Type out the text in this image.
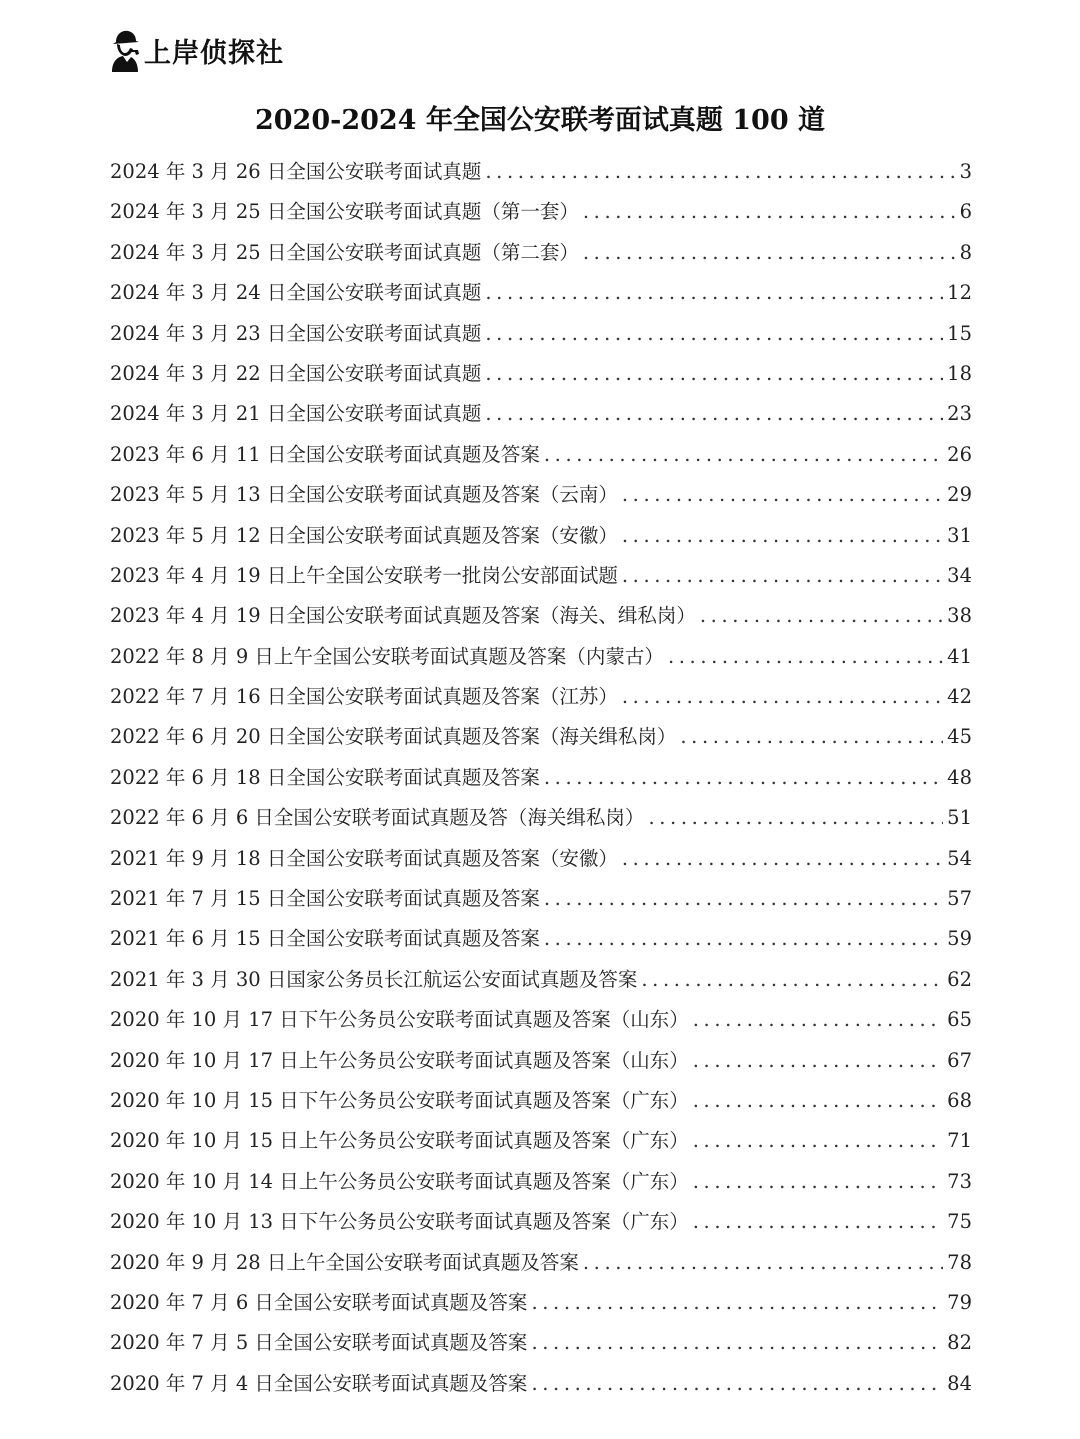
上岸侦探社
2020-2024 年全国公安联考面试真题 100 道
2024 年 3 月 26 日全国公安联考面试真题 .....	3
2024 年 3 月 25 日全国公安联考面试真题（第一套） .....	6
2024 年 3 月 25 日全国公安联考面试真题（第二套） .....	8
2024 年 3 月 24 日全国公安联考面试真题 .....	12
2024 年 3 月 23 日全国公安联考面试真题 .....	15
2024 年 3 月 22 日全国公安联考面试真题 .....	18
2024 年 3 月 21 日全国公安联考面试真题 .....	23
2023 年 6 月 11 日全国公安联考面试真题及答案 .....	26
2023 年 5 月 13 日全国公安联考面试真题及答案（云南） .....	29
2023 年 5 月 12 日全国公安联考面试真题及答案（安徽） .....	31
2023 年 4 月 19 日上午全国公安联考一批岗公安部面试题 .....	34
2023 年 4 月 19 日全国公安联考面试真题及答案（海关、缉私岗） .....	38
2022 年 8 月 9 日上午全国公安联考面试真题及答案（内蒙古） .....	41
2022 年 7 月 16 日全国公安联考面试真题及答案（江苏） .....	42
2022 年 6 月 20 日全国公安联考面试真题及答案（海关缉私岗） .....	45
2022 年 6 月 18 日全国公安联考面试真题及答案 .....	48
2022 年 6 月 6 日全国公安联考面试真题及答（海关缉私岗） .....	51
2021 年 9 月 18 日全国公安联考面试真题及答案（安徽） .....	54
2021 年 7 月 15 日全国公安联考面试真题及答案 .....	57
2021 年 6 月 15 日全国公安联考面试真题及答案 .....	59
2021 年 3 月 30 日国家公务员长江航运公安面试真题及答案 .....	62
2020 年 10 月 17 日下午公务员公安联考面试真题及答案（山东） .....	65
2020 年 10 月 17 日上午公务员公安联考面试真题及答案（山东） .....	67
2020 年 10 月 15 日下午公务员公安联考面试真题及答案（广东） .....	68
2020 年 10 月 15 日上午公务员公安联考面试真题及答案（广东） .....	71
2020 年 10 月 14 日上午公务员公安联考面试真题及答案（广东） .....	73
2020 年 10 月 13 日下午公务员公安联考面试真题及答案（广东） .....	75
2020 年 9 月 28 日上午全国公安联考面试真题及答案 .....	78
2020 年 7 月 6 日全国公安联考面试真题及答案 .....	79
2020 年 7 月 5 日全国公安联考面试真题及答案 .....	82
2020 年 7 月 4 日全国公安联考面试真题及答案 .....	84
